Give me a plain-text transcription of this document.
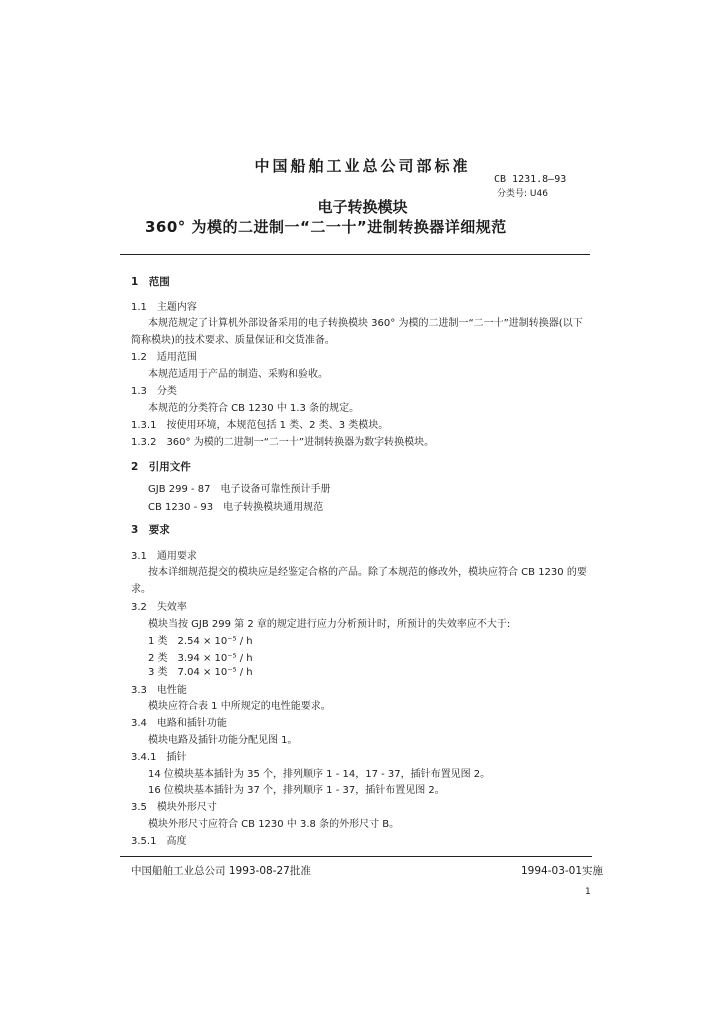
中国船舶工业总公司部标准
CB 1231.8—93
分类号: U46
电子转换模块
360° 为模的二进制一“二一十”进制转换器详细规范
1　范围
1.1　主题内容
本规范规定了计算机外部设备采用的电子转换模块 360° 为模的二进制一“二一十”进制转换器(以下
简称模块)的技术要求、质量保证和交货准备。
1.2　适用范围
本规范适用于产品的制造、采购和验收。
1.3　分类
本规范的分类符合 CB 1230 中 1.3 条的规定。
1.3.1　按使用环境，本规范包括 1 类、2 类、3 类模块。
1.3.2　360° 为模的二进制一“二一十”进制转换器为数字转换模块。
2　引用文件
GJB 299 - 87　电子设备可靠性预计手册
CB 1230 - 93　电子转换模块通用规范
3　要求
3.1　通用要求
按本详细规范提交的模块应是经鉴定合格的产品。除了本规范的修改外，模块应符合 CB 1230 的要
求。
3.2　失效率
模块当按 GJB 299 第 2 章的规定进行应力分析预计时，所预计的失效率应不大于:
1 类　2.54 × 10⁻⁵ / h
2 类　3.94 × 10⁻⁵ / h
3 类　7.04 × 10⁻⁵ / h
3.3　电性能
模块应符合表 1 中所规定的电性能要求。
3.4　电路和插针功能
模块电路及插针功能分配见图 1。
3.4.1　插针
14 位模块基本插针为 35 个，排列顺序 1 - 14，17 - 37，插针布置见图 2。
16 位模块基本插针为 37 个，排列顺序 1 - 37，插针布置见图 2。
3.5　模块外形尺寸
模块外形尺寸应符合 CB 1230 中 3.8 条的外形尺寸 B。
3.5.1　高度
中国船舶工业总公司 1993-08-27批准	1994-03-01实施
1
